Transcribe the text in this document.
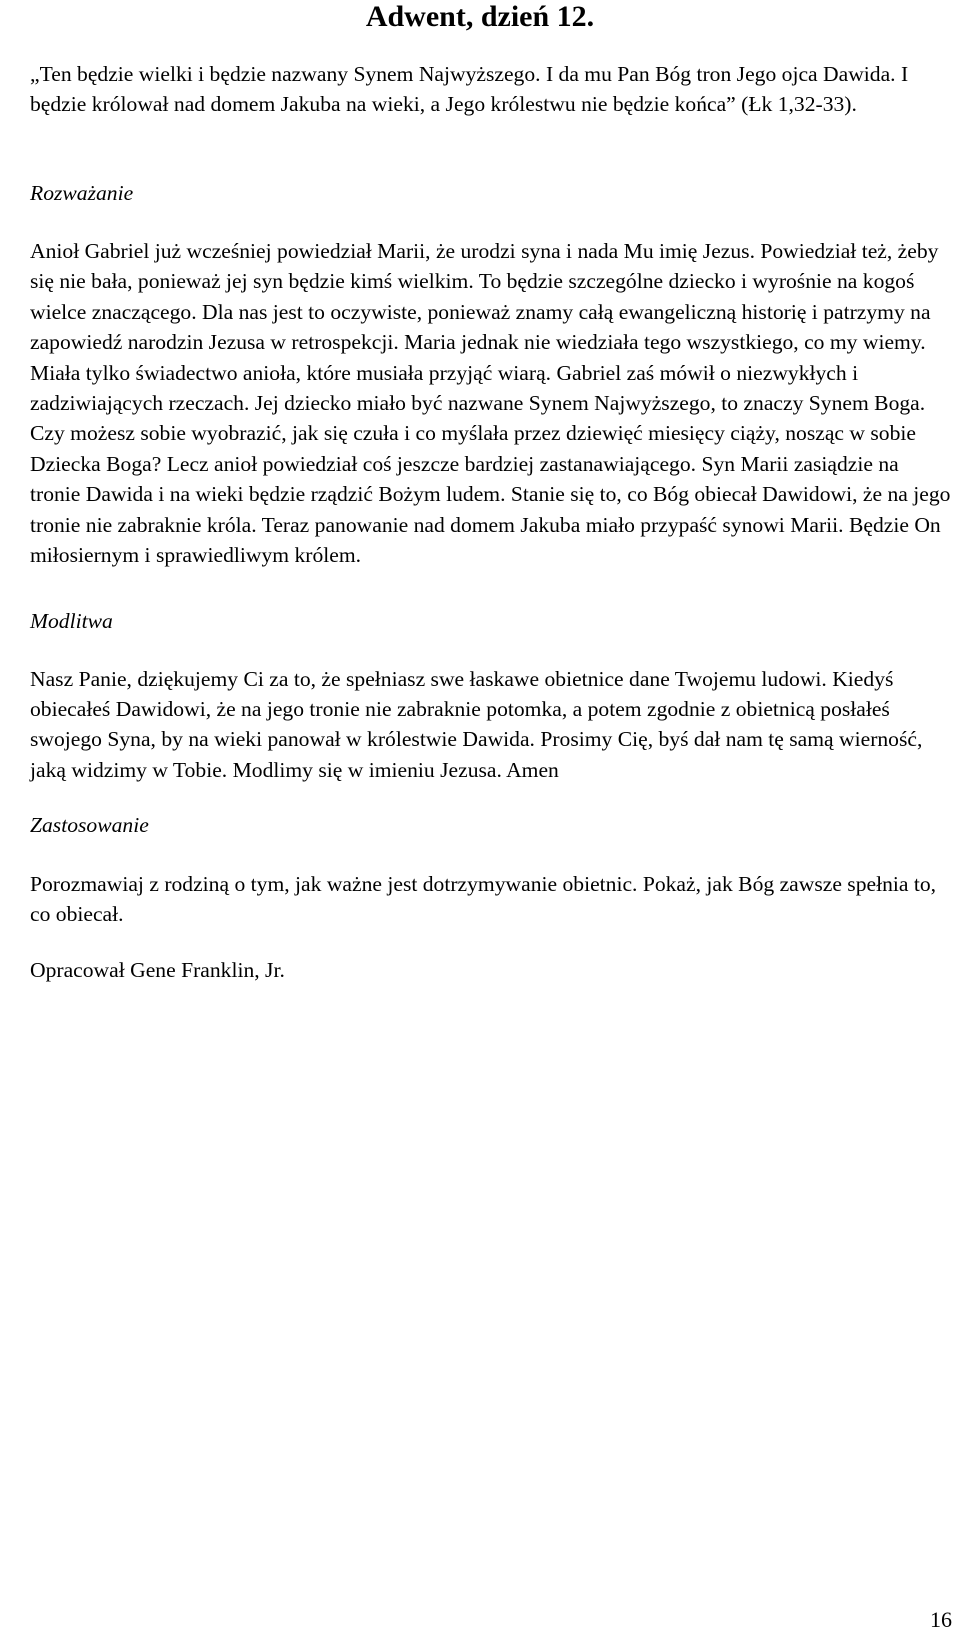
Adwent, dzień 12.

„Ten będzie wielki i będzie nazwany Synem Najwyższego. I da mu Pan Bóg tron Jego ojca Dawida. I będzie królował nad domem Jakuba na wieki, a Jego królestwu nie będzie końca” (Łk 1,32-33).

Rozważanie

Anioł Gabriel już wcześniej powiedział Marii, że urodzi syna i nada Mu imię Jezus. Powiedział też, żeby się nie bała, ponieważ jej syn będzie kimś wielkim. To będzie szczególne dziecko i wyrośnie na kogoś wielce znaczącego. Dla nas jest to oczywiste, ponieważ znamy całą ewangeliczną historię i patrzymy na zapowiedź narodzin Jezusa w retrospekcji. Maria jednak nie wiedziała tego wszystkiego, co my wiemy. Miała tylko świadectwo anioła, które musiała przyjąć wiarą. Gabriel zaś mówił o niezwykłych i zadziwiających rzeczach. Jej dziecko miało być nazwane Synem Najwyższego, to znaczy Synem Boga. Czy możesz sobie wyobrazić, jak się czuła i co myślała przez dziewięć miesięcy ciąży, nosząc w sobie Dziecka Boga? Lecz anioł powiedział coś jeszcze bardziej zastanawiającego. Syn Marii zasiądzie na tronie Dawida i na wieki będzie rządzić Bożym ludem. Stanie się to, co Bóg obiecał Dawidowi, że na jego tronie nie zabraknie króla. Teraz panowanie nad domem Jakuba miało przypaść synowi Marii. Będzie On miłosiernym i sprawiedliwym królem.

Modlitwa

Nasz Panie, dziękujemy Ci za to, że spełniasz swe łaskawe obietnice dane Twojemu ludowi. Kiedyś obiecałeś Dawidowi, że na jego tronie nie zabraknie potomka, a potem zgodnie z obietnicą posłałeś swojego Syna, by na wieki panował w królestwie Dawida. Prosimy Cię, byś dał nam tę samą wierność, jaką widzimy w Tobie. Modlimy się w imieniu Jezusa. Amen

Zastosowanie

Porozmawiaj z rodziną o tym, jak ważne jest dotrzymywanie obietnic. Pokaż, jak Bóg zawsze spełnia to, co obiecał.

Opracował Gene Franklin, Jr.

16
